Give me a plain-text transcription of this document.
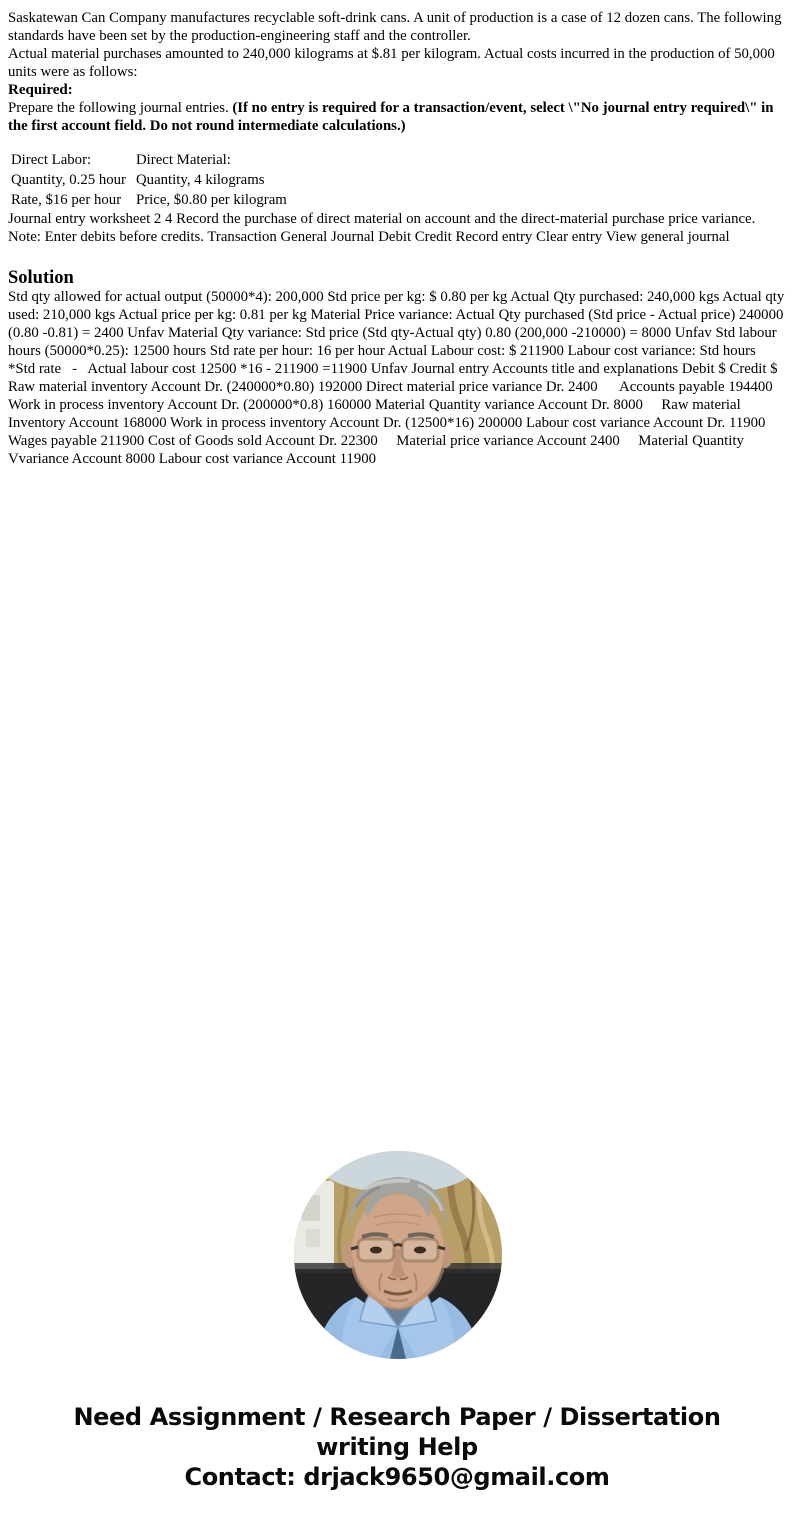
Saskatewan Can Company manufactures recyclable soft-drink cans. A unit of production is a case of 12 dozen cans. The following standards have been set by the production-engineering staff and the controller.

Actual material purchases amounted to 240,000 kilograms at $.81 per kilogram. Actual costs incurred in the production of 50,000 units were as follows:

Required:

Prepare the following journal entries. (If no entry is required for a transaction/event, select \"No journal entry required\" in the first account field. Do not round intermediate calculations.)

Direct Labor:	Direct Material:
Quantity, 0.25 hour	Quantity, 4 kilograms
Rate, $16 per hour	Price, $0.80 per kilogram

Journal entry worksheet 2 4 Record the purchase of direct material on account and the direct-material purchase price variance. Note: Enter debits before credits. Transaction General Journal Debit Credit Record entry Clear entry View general journal

Solution

Std qty allowed for actual output (50000*4): 200,000 Std price per kg: $ 0.80 per kg Actual Qty purchased: 240,000 kgs Actual qty used: 210,000 kgs Actual price per kg: 0.81 per kg Material Price variance: Actual Qty purchased (Std price - Actual price) 240000 (0.80 -0.81) = 2400 Unfav Material Qty variance: Std price (Std qty-Actual qty) 0.80 (200,000 -210000) = 8000 Unfav Std labour hours (50000*0.25): 12500 hours Std rate per hour: 16 per hour Actual Labour cost: $ 211900 Labour cost variance: Std hours *Std rate   -   Actual labour cost 12500 *16 - 211900 =11900 Unfav Journal entry Accounts title and explanations Debit $ Credit $ Raw material inventory Account Dr. (240000*0.80) 192000 Direct material price variance Dr. 2400      Accounts payable 194400 Work in process inventory Account Dr. (200000*0.8) 160000 Material Quantity variance Account Dr. 8000     Raw material Inventory Account 168000 Work in process inventory Account Dr. (12500*16) 200000 Labour cost variance Account Dr. 11900      Wages payable 211900 Cost of Goods sold Account Dr. 22300     Material price variance Account 2400     Material Quantity Vvariance Account 8000 Labour cost variance Account 11900

Need Assignment / Research Paper / Dissertation
writing Help
Contact: drjack9650@gmail.com
